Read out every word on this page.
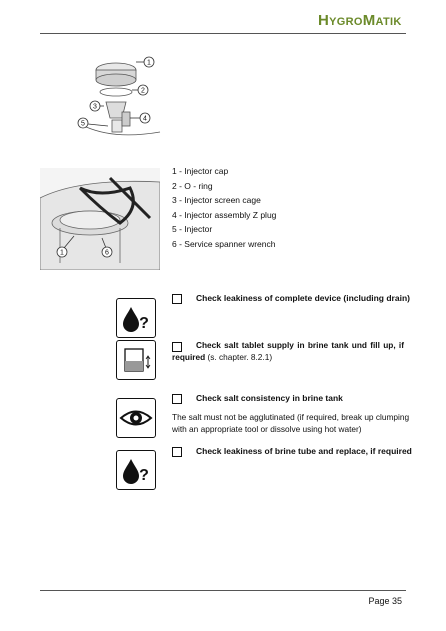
HygroMatik
1
2
3
4
5
1	6
1 - Injector cap
2 - O - ring
3 - Injector screen cage
4 - Injector assembly Z plug
5 - Injector
6 - Service spanner wrench
?
Check leakiness of complete device (including drain)
Check salt tablet supply in brine tank und fill up, if required (s. chapter. 8.2.1)
Check salt consistency in brine tank
The salt must not be agglutinated (if required, break up clumping with an appropriate tool or dissolve using hot water)
?
Check leakiness of brine tube and replace, if required
Page 35
